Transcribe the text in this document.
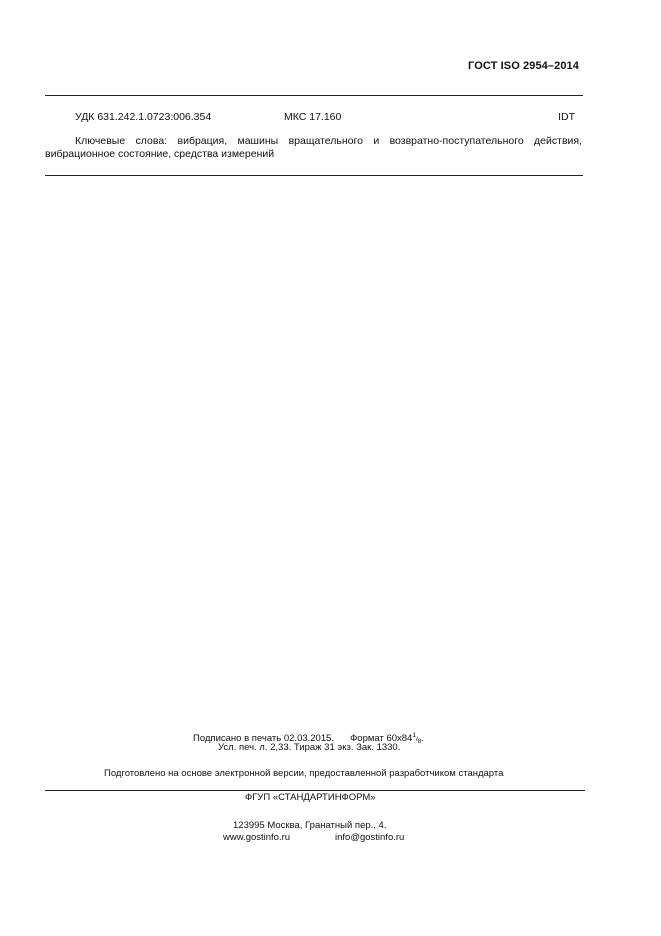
ГОСТ ISO 2954–2014
УДК 631.242.1.0723:006.354	МКС 17.160	IDT
Ключевые слова: вибрация, машины вращательного и возвратно-поступательного действия,
вибрационное состояние, средства измерений
Подписано в печать 02.03.2015. Формат $60х84^1/_8$.
Усл. печ. л. 2,33. Тираж 31 экз. Зак. 1330.
Подготовлено на основе электронной версии, предоставленной разработчиком стандарта
ФГУП «СТАНДАРТИНФОРМ»
123995 Москва, Гранатный пер., 4.
www.gostinfo.ru	info@gostinfo.ru
